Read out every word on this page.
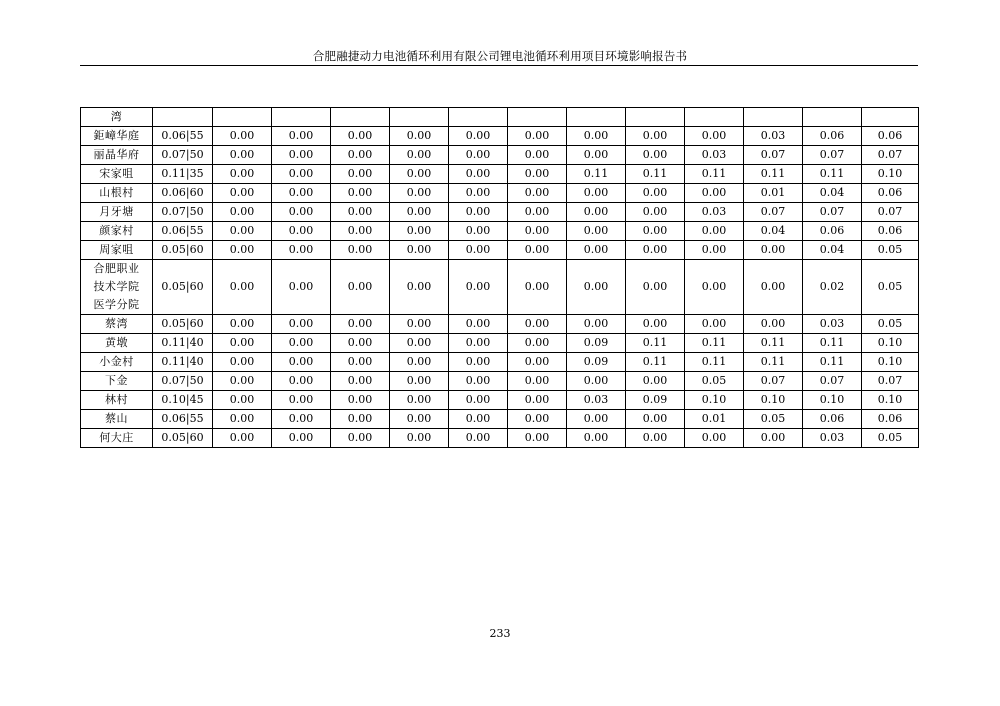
合肥融捷动力电池循环利用有限公司锂电池循环利用项目环境影响报告书
湾													
鉅嶂华庭	0.06|55	0.00	0.00	0.00	0.00	0.00	0.00	0.00	0.00	0.00	0.03	0.06	0.06
丽晶华府	0.07|50	0.00	0.00	0.00	0.00	0.00	0.00	0.00	0.00	0.03	0.07	0.07	0.07
宋家咀	0.11|35	0.00	0.00	0.00	0.00	0.00	0.00	0.11	0.11	0.11	0.11	0.11	0.10
山根村	0.06|60	0.00	0.00	0.00	0.00	0.00	0.00	0.00	0.00	0.00	0.01	0.04	0.06
月牙塘	0.07|50	0.00	0.00	0.00	0.00	0.00	0.00	0.00	0.00	0.03	0.07	0.07	0.07
颜家村	0.06|55	0.00	0.00	0.00	0.00	0.00	0.00	0.00	0.00	0.00	0.04	0.06	0.06
周家咀	0.05|60	0.00	0.00	0.00	0.00	0.00	0.00	0.00	0.00	0.00	0.00	0.04	0.05

合肥职业
技术学院
医学分院	0.05|60	0.00	0.00	0.00	0.00	0.00	0.00	0.00	0.00	0.00	0.00	0.02	0.05
蔡湾	0.05|60	0.00	0.00	0.00	0.00	0.00	0.00	0.00	0.00	0.00	0.00	0.03	0.05
黄墩	0.11|40	0.00	0.00	0.00	0.00	0.00	0.00	0.09	0.11	0.11	0.11	0.11	0.10
小金村	0.11|40	0.00	0.00	0.00	0.00	0.00	0.00	0.09	0.11	0.11	0.11	0.11	0.10
下金	0.07|50	0.00	0.00	0.00	0.00	0.00	0.00	0.00	0.00	0.05	0.07	0.07	0.07
林村	0.10|45	0.00	0.00	0.00	0.00	0.00	0.00	0.03	0.09	0.10	0.10	0.10	0.10
蔡山	0.06|55	0.00	0.00	0.00	0.00	0.00	0.00	0.00	0.00	0.01	0.05	0.06	0.06
何大庄	0.05|60	0.00	0.00	0.00	0.00	0.00	0.00	0.00	0.00	0.00	0.00	0.03	0.05
233
